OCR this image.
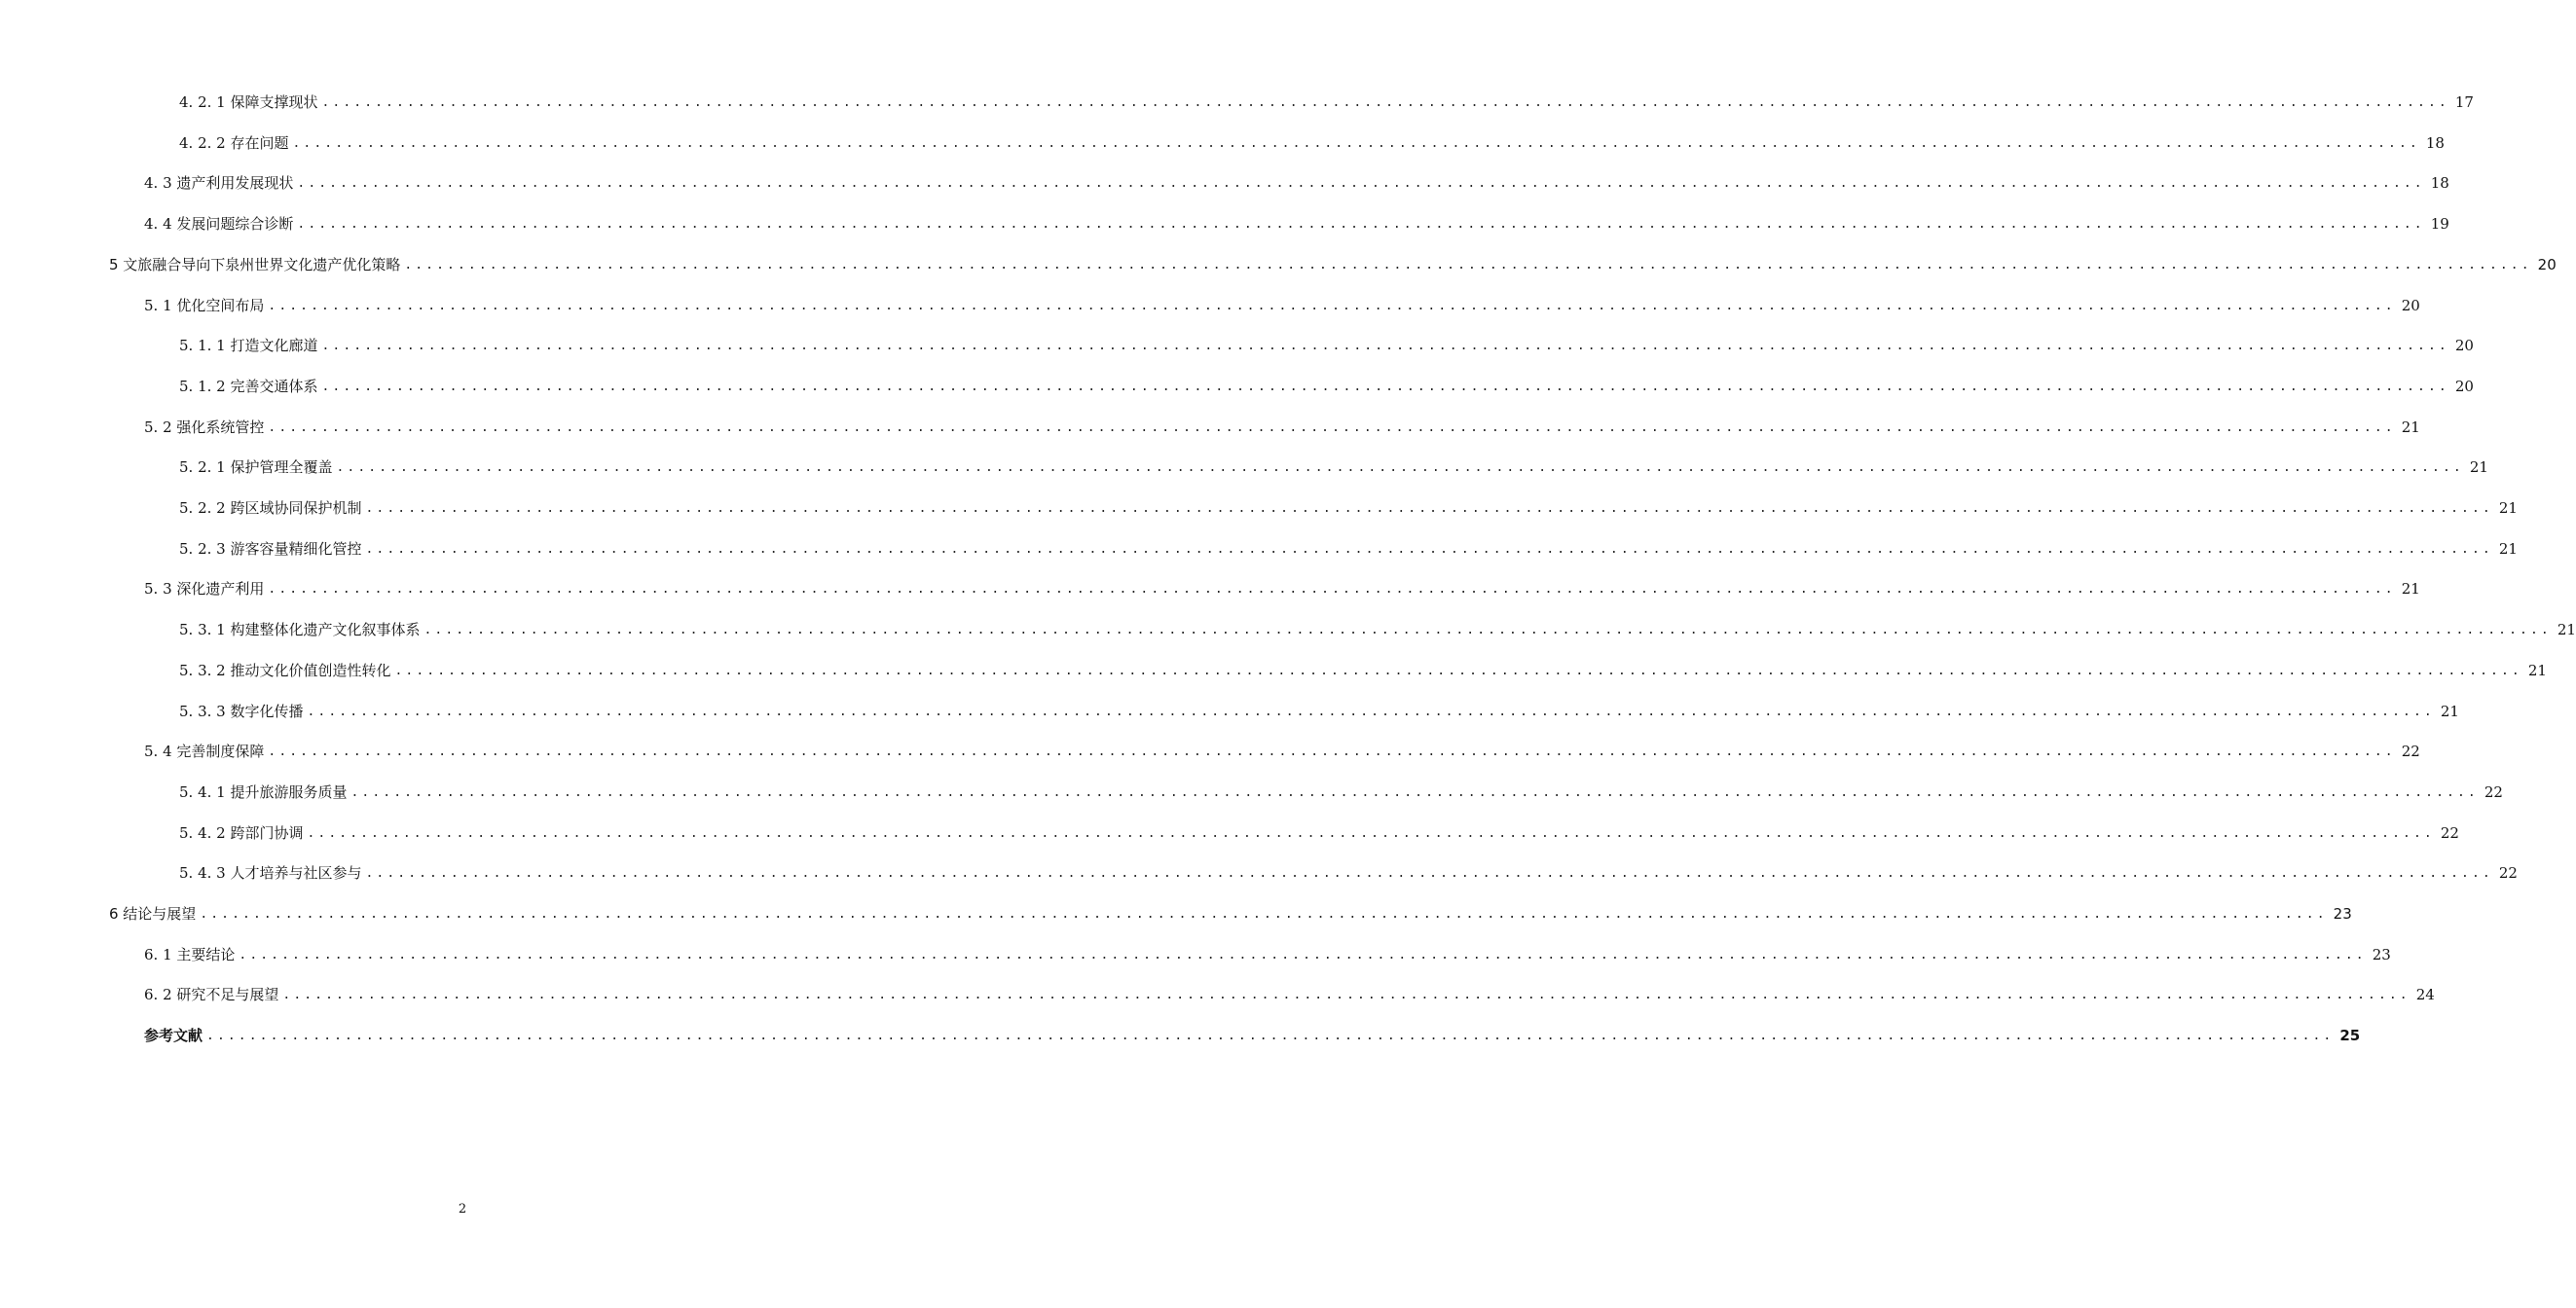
4. 2. 1 保障支撑现状 ........................................................................................................................................................................................................ 17
4. 2. 2 存在问题 ........................................................................................................................................................................................................ 18
4. 3 遗产利用发展现状 ........................................................................................................................................................................................................ 18
4. 4 发展问题综合诊断 ........................................................................................................................................................................................................ 19
5 文旅融合导向下泉州世界文化遗产优化策略 ........................................................................................................................................................................................................ 20
5. 1 优化空间布局 ........................................................................................................................................................................................................ 20
5. 1. 1 打造文化廊道 ........................................................................................................................................................................................................ 20
5. 1. 2 完善交通体系 ........................................................................................................................................................................................................ 20
5. 2 强化系统管控 ........................................................................................................................................................................................................ 21
5. 2. 1 保护管理全覆盖 ........................................................................................................................................................................................................ 21
5. 2. 2 跨区域协同保护机制 ........................................................................................................................................................................................................ 21
5. 2. 3 游客容量精细化管控 ........................................................................................................................................................................................................ 21
5. 3 深化遗产利用 ........................................................................................................................................................................................................ 21
5. 3. 1 构建整体化遗产文化叙事体系 ........................................................................................................................................................................................................ 21
5. 3. 2 推动文化价值创造性转化 ........................................................................................................................................................................................................ 21
5. 3. 3 数字化传播 ........................................................................................................................................................................................................ 21
5. 4 完善制度保障 ........................................................................................................................................................................................................ 22
5. 4. 1 提升旅游服务质量 ........................................................................................................................................................................................................ 22
5. 4. 2 跨部门协调 ........................................................................................................................................................................................................ 22
5. 4. 3 人才培养与社区参与 ........................................................................................................................................................................................................ 22
6 结论与展望 ........................................................................................................................................................................................................ 23
6. 1 主要结论 ........................................................................................................................................................................................................ 23
6. 2 研究不足与展望 ........................................................................................................................................................................................................ 24
参考文献 ........................................................................................................................................................................................................ 25
2
